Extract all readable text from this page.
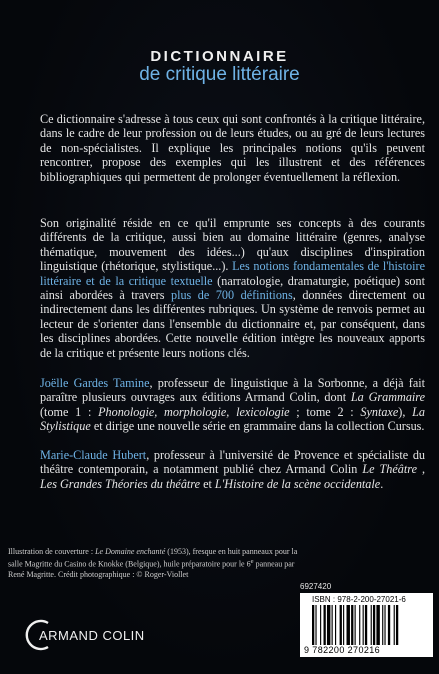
DICTIONNAIRE
de critique littéraire
Ce dictionnaire s'adresse à tous ceux qui sont confrontés à la critique littéraire, dans le cadre de leur profession ou de leurs études, ou au gré de leurs lectures de non-spécialistes. Il explique les principales notions qu'ils peuvent rencontrer, propose des exemples qui les illustrent et des références bibliographiques qui permettent de prolonger éventuellement la réflexion.
Son originalité réside en ce qu'il emprunte ses concepts à des courants différents de la critique, aussi bien au domaine littéraire (genres, analyse thématique, mouvement des idées...) qu'aux disciplines d'inspiration linguistique (rhétorique, stylistique...). Les notions fondamentales de l'histoire littéraire et de la critique textuelle (narratologie, dramaturgie, poétique) sont ainsi abordées à travers plus de 700 définitions, données directement ou indirectement dans les différentes rubriques. Un système de renvois permet au lecteur de s'orienter dans l'ensemble du dictionnaire et, par conséquent, dans les disciplines abordées. Cette nouvelle édition intègre les nouveaux apports de la critique et présente leurs notions clés.
Joëlle Gardes Tamine, professeur de linguistique à la Sorbonne, a déjà fait paraître plusieurs ouvrages aux éditions Armand Colin, dont La Grammaire (tome 1 : Phonologie, morphologie, lexicologie ; tome 2 : Syntaxe), La Stylistique et dirige une nouvelle série en grammaire dans la collection Cursus.
Marie-Claude Hubert, professeur à l'université de Provence et spécialiste du théâtre contemporain, a notamment publié chez Armand Colin Le Théâtre , Les Grandes Théories du théâtre et L'Histoire de la scène occidentale.
Illustration de couverture : Le Domaine enchanté (1953), fresque en huit panneaux pour la salle Magritte du Casino de Knokke (Belgique), huile préparatoire pour le 6e panneau par René Magritte. Crédit photographique : © Roger-Viollet
6927420
ISBN : 978-2-200-27021-6
9 782200 270216
ARMAND COLIN
